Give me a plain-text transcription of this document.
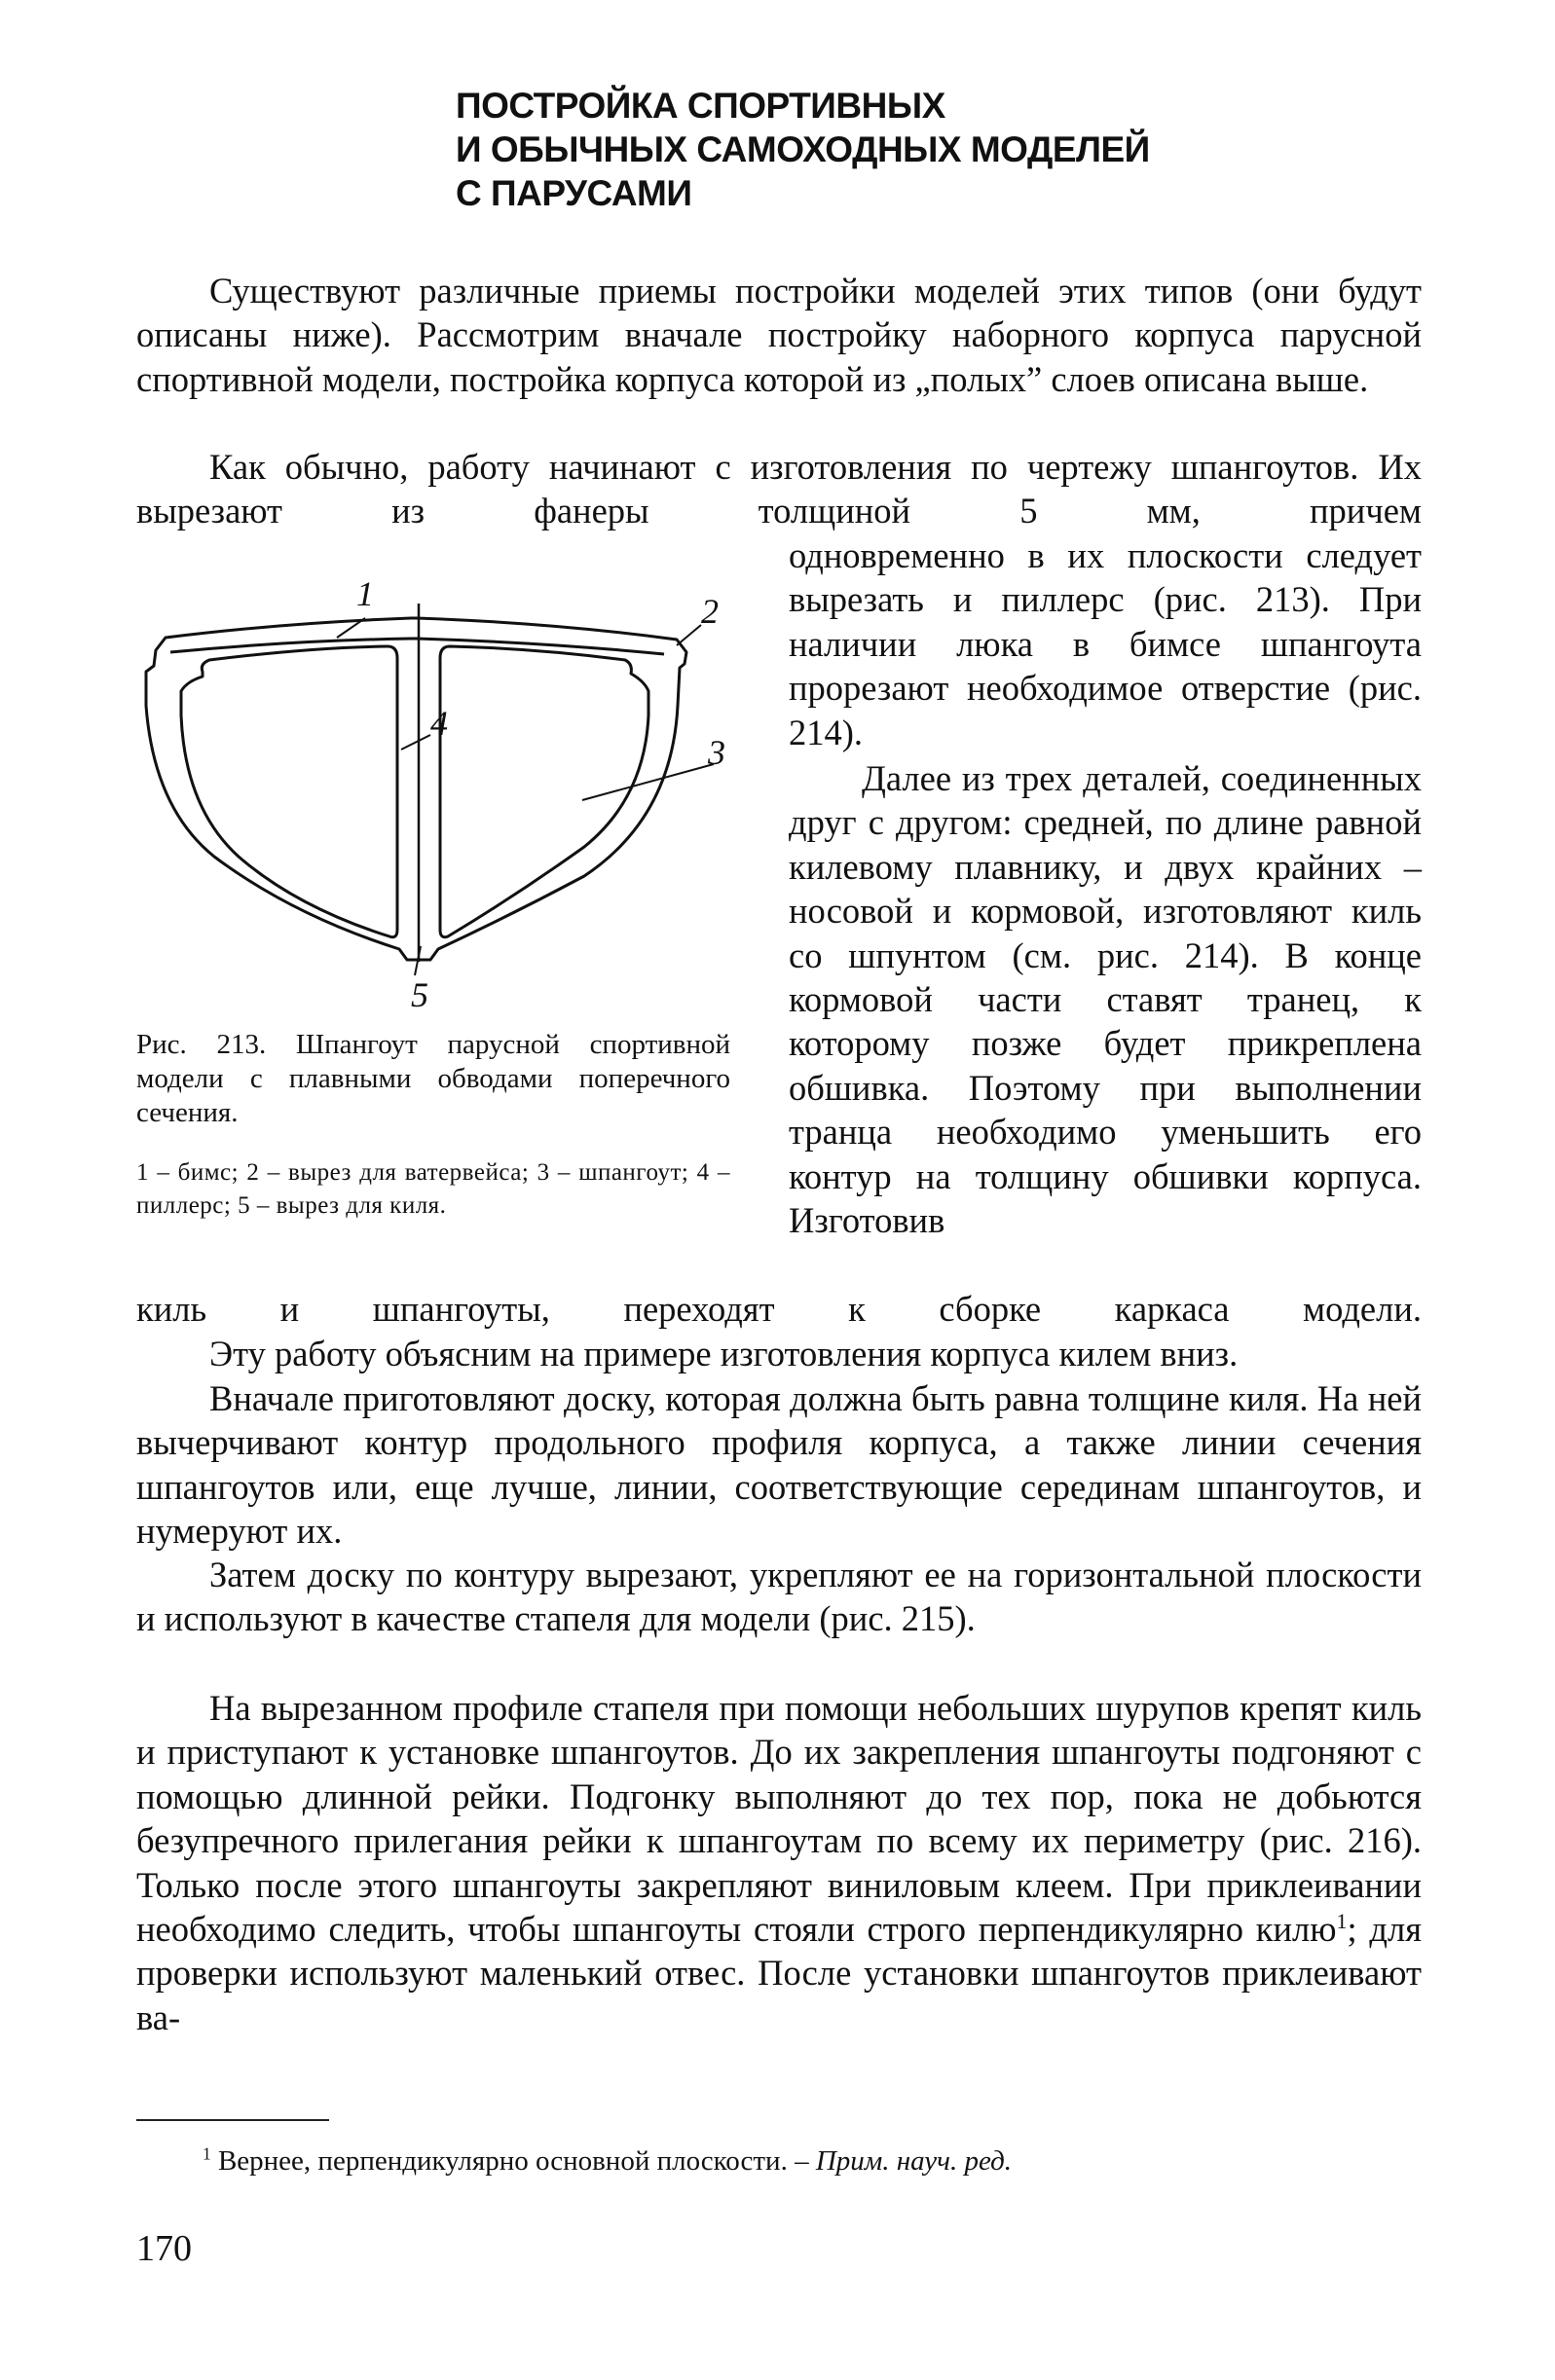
ПОСТРОЙКА СПОРТИВНЫХ
И ОБЫЧНЫХ САМОХОДНЫХ МОДЕЛЕЙ
С ПАРУСАМИ
Существуют различные приемы постройки моделей этих типов (они будут описаны ниже). Рассмотрим вначале постройку наборного корпуса парусной спортивной модели, постройка корпуса которой из „полых” слоев описана выше.
Как обычно, работу начинают с изготовления по чертежу шпангоутов. Их вырезают из фанеры толщиной 5 мм, причем
одновременно в их плоскости следует вырезать и пиллерс (рис. 213). При наличии люка в бимсе шпангоута прорезают необходимое отверстие (рис. 214).
Далее из трех деталей, соединенных друг с другом: средней, по длине равной килевому плавнику, и двух крайних – носовой и кормовой, изготовляют киль со шпунтом (см. рис. 214). В конце кормовой части ставят транец, к которому позже будет прикреплена обшивка. Поэтому при выполнении транца необходимо уменьшить его контур на толщину обшивки корпуса. Изготовив
киль и шпангоуты, переходят к сборке каркаса модели.
Эту работу объясним на примере изготовления корпуса килем вниз.
Вначале приготовляют доску, которая должна быть равна толщине киля. На ней вычерчивают контур продольного профиля корпуса, а также линии сечения шпангоутов или, еще лучше, линии, соответствующие серединам шпангоутов, и нумеруют их.
Затем доску по контуру вырезают, укрепляют ее на горизонтальной плоскости и используют в качестве стапеля для модели (рис. 215).
На вырезанном профиле стапеля при помощи небольших шурупов крепят киль и приступают к установке шпангоутов. До их закрепления шпангоуты подгоняют с помощью длинной рейки. Подгонку выполняют до тех пор, пока не добьются безупречного прилегания рейки к шпангоутам по всему их периметру (рис. 216). Только после этого шпангоуты закрепляют виниловым клеем. При приклеивании необходимо следить, чтобы шпангоуты стояли строго перпендикулярно килю$^1$; для проверки используют маленький отвес. После установки шпангоутов приклеивают ва-
1	2
3
4
5
Рис. 213. Шпангоут парусной спортивной модели с плавными обводами поперечного сечения.
1 – бимс; 2 – вырез для ватервейса; 3 – шпангоут; 4 – пиллерс; 5 – вырез для киля.
$^1$ Вернее, перпендикулярно основной плоскости. – Прим. науч. ред.
170
